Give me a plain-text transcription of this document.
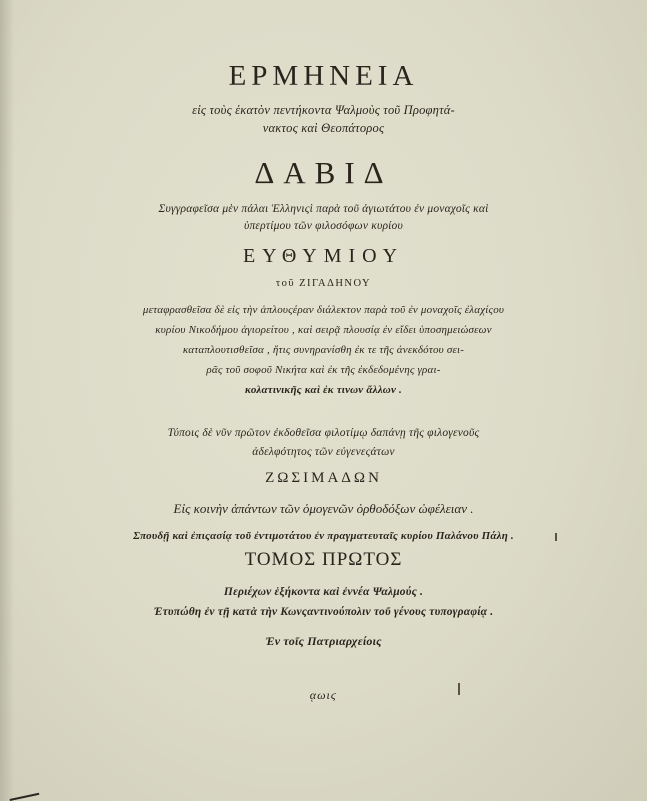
ΕΡΜΗΝΕΙΑ
εἰς τοὺς ἑκατὸν πεντήκοντα Ψαλμοὺς τοῦ Προφητά-
νακτος καὶ Θεοπάτορος
ΔΑΒΙΔ
Συγγραφεῖσα μὲν πάλαι Ἑλληνιςὶ παρὰ τοῦ ἁγιωτάτου ἐν μοναχοῖς καὶ
ὑπερτίμου τῶν φιλοσόφων κυρίου
ΕΥΘΥΜΙΟΥ
τοῦ ΖΙΓΑΔΗΝΟΥ
μεταφρασθεῖσα δὲ εἰς τὴν ἁπλουςέραν διάλεκτον παρὰ τοῦ ἐν μοναχοῖς ἐλαχίςου
κυρίου Νικοδήμου ἁγιορείτου , καὶ σειρᾷ πλουσίᾳ ἐν εἴδει ὑποσημειώσεων
καταπλουτισθεῖσα , ἥτις συνηρανίσθη ἐκ τε τῆς ἀνεκδότου σει-
ρᾶς τοῦ σοφοῦ Νικήτα καὶ ἐκ τῆς ἐκδεδομένης γραι-
κολατινικῆς καὶ ἐκ τινων ἄλλων .
Τύποις δὲ νῦν πρῶτον ἐκδοθεῖσα φιλοτίμῳ δαπάνῃ τῆς φιλογενοῦς
ἀδελφότητος τῶν εὐγενεςάτων
ΖΩΣΙΜΑΔΩΝ
Εἰς κοινὴν ἁπάντων τῶν ὁμογενῶν ὀρθοδόξων ὠφέλειαν .
Σπουδῇ καὶ ἐπιςασίᾳ τοῦ ἐντιμοτάτου ἐν πραγματευταῖς κυρίου Παλάνου Πάλη .
ΤΟΜΟΣ ΠΡΩΤΟΣ
Περιέχων ἑξήκοντα καὶ ἐννέα Ψαλμούς .
Ἐτυπώθη ἐν τῇ κατὰ τὴν Κωνςαντινούπολιν τοῦ γένους τυπογραφίᾳ .
Ἐν τοῖς Πατριαρχείοις
ᾳωιϛ
